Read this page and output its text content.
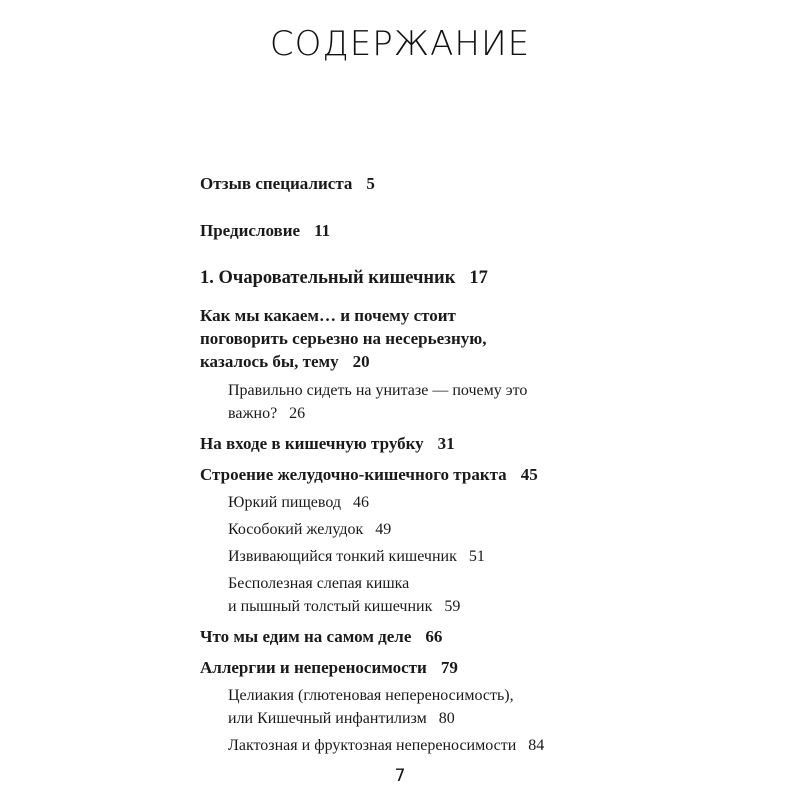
СОДЕРЖАНИЕ
Отзыв специалиста 5
Предисловие 11
1. Очаровательный кишечник 17
Как мы какаем… и почему стоит
поговорить серьезно на несерьезную,
казалось бы, тему 20
Правильно сидеть на унитазе — почему это
важно? 26
На входе в кишечную трубку 31
Строение желудочно-кишечного тракта 45
Юркий пищевод 46
Кособокий желудок 49
Извивающийся тонкий кишечник 51
Бесполезная слепая кишка
и пышный толстый кишечник 59
Что мы едим на самом деле 66
Аллергии и непереносимости 79
Целиакия (глютеновая непереносимость),
или Кишечный инфантилизм 80
Лактозная и фруктозная непереносимости 84
7
